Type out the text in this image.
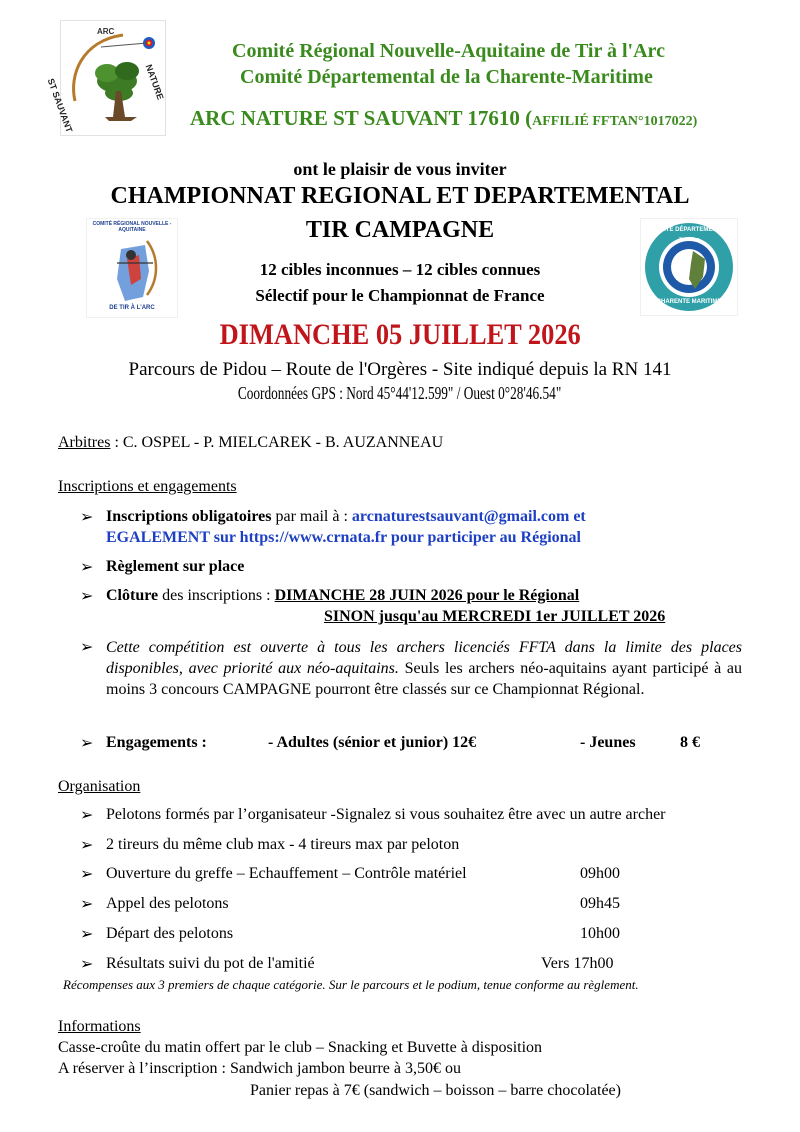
ARC
ST SAUVANT	NATURE
Comité Régional Nouvelle-Aquitaine de Tir à l'Arc
Comité Départemental de la Charente-Maritime
ARC NATURE ST SAUVANT 17610 (AFFILIÉ FFTAN°1017022)
ont le plaisir de vous inviter
CHAMPIONNAT REGIONAL ET DEPARTEMENTAL
TIR CAMPAGNE
COMITÉ RÉGIONAL NOUVELLE - AQUITAINE
DE TIR À L'ARC
COMITÉ DÉPARTEMENTAL
Tir à l'Arc
17
CHARENTE MARITIME
12 cibles inconnues – 12 cibles connues
Sélectif pour le Championnat de France
DIMANCHE 05 JUILLET 2026
Parcours de Pidou – Route de l'Orgères - Site indiqué depuis la RN 141
Coordonnées GPS : Nord 45°44'12.599" / Ouest 0°28'46.54"
Arbitres : C. OSPEL - P. MIELCAREK - B. AUZANNEAU
Inscriptions et engagements
➢ Inscriptions obligatoires par mail à : arcnaturestsauvant@gmail.com et
EGALEMENT sur https://www.crnata.fr pour participer au Régional
➢ Règlement sur place
➢ Clôture des inscriptions : DIMANCHE 28 JUIN 2026 pour le Régional
SINON jusqu'au MERCREDI 1er JUILLET 2026
➢ Cette compétition est ouverte à tous les archers licenciés FFTA dans la limite des places disponibles, avec priorité aux néo-aquitains. Seuls les archers néo-aquitains ayant participé à au moins 3 concours CAMPAGNE pourront être classés sur ce Championnat Régional.
➢ Engagements :	- Adultes (sénior et junior) 12€	- Jeunes	8 €
Organisation
➢ Pelotons formés par l’organisateur -Signalez si vous souhaitez être avec un autre archer
➢ 2 tireurs du même club max - 4 tireurs max par peloton
➢ Ouverture du greffe – Echauffement – Contrôle matériel	09h00
➢ Appel des pelotons	09h45
➢ Départ des pelotons	10h00
➢ Résultats suivi du pot de l'amitié	Vers 17h00
Récompenses aux 3 premiers de chaque catégorie. Sur le parcours et le podium, tenue conforme au règlement.
Informations
Casse-croûte du matin offert par le club – Snacking et Buvette à disposition
A réserver à l’inscription : Sandwich jambon beurre à 3,50€ ou
Panier repas à 7€ (sandwich – boisson – barre chocolatée)
